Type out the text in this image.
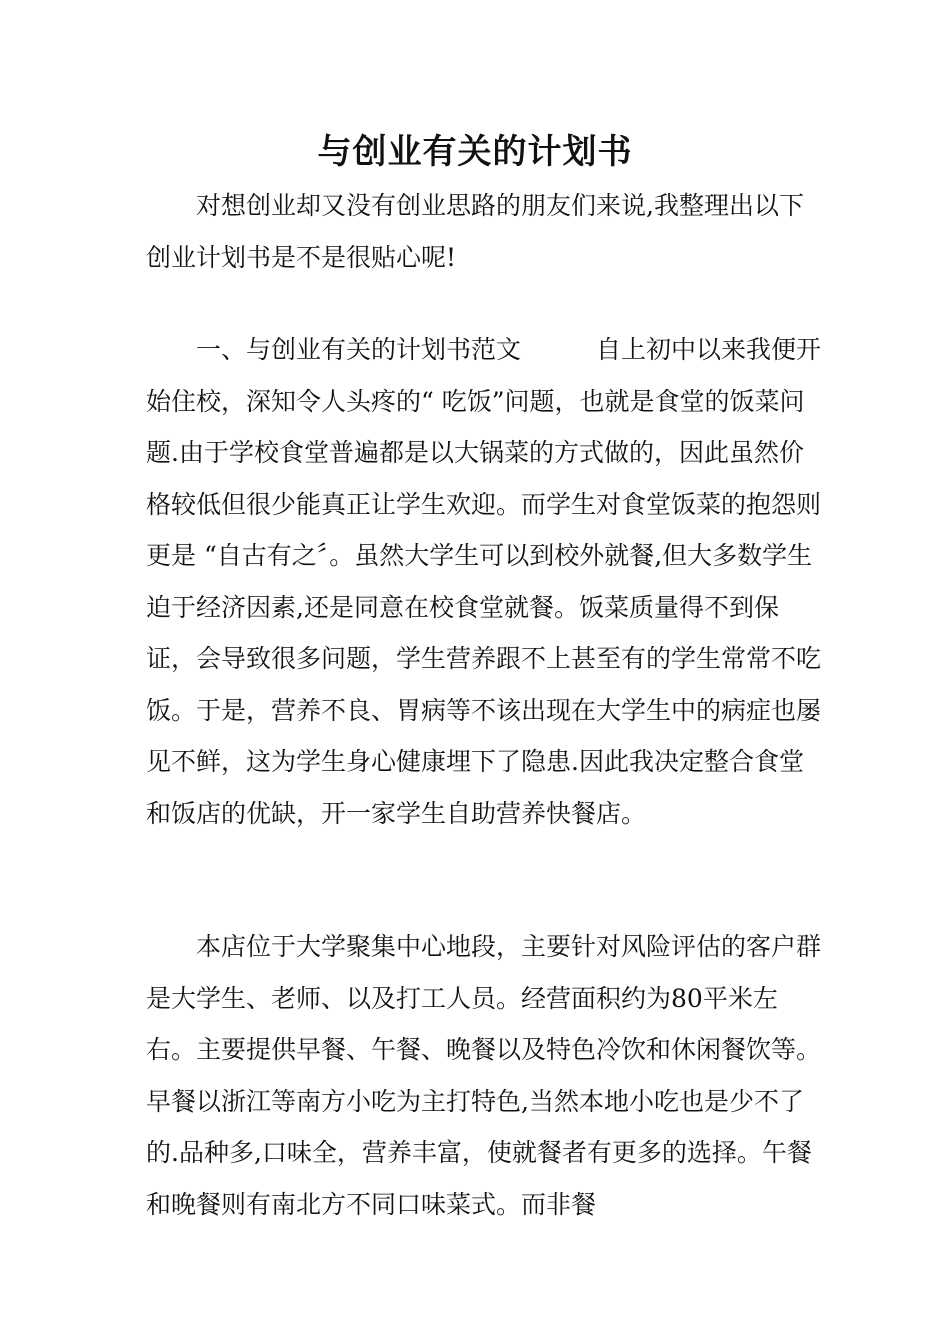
与创业有关的计划书

对想创业却又没有创业思路的朋友们来说,我整理出以下创业计划书是不是很贴心呢!

一、与创业有关的计划书范文　　　自上初中以来我便开始住校，深知令人头疼的“ 吃饭”问题，也就是食堂的饭菜问题.由于学校食堂普遍都是以大锅菜的方式做的，因此虽然价格较低但很少能真正让学生欢迎。而学生对食堂饭菜的抱怨则更是 “自古有之〞。虽然大学生可以到校外就餐,但大多数学生迫于经济因素,还是同意在校食堂就餐。饭菜质量得不到保证，会导致很多问题，学生营养跟不上甚至有的学生常常不吃饭。于是，营养不良、胃病等不该出现在大学生中的病症也屡见不鲜，这为学生身心健康埋下了隐患.因此我决定整合食堂和饭店的优缺，开一家学生自助营养快餐店。

本店位于大学聚集中心地段，主要针对风险评估的客户群是大学生、老师、以及打工人员。经营面积约为80平米左右。主要提供早餐、午餐、晚餐以及特色冷饮和休闲餐饮等。早餐以浙江等南方小吃为主打特色,当然本地小吃也是少不了的.品种多,口味全，营养丰富，使就餐者有更多的选择。午餐和晚餐则有南北方不同口味菜式。而非餐
